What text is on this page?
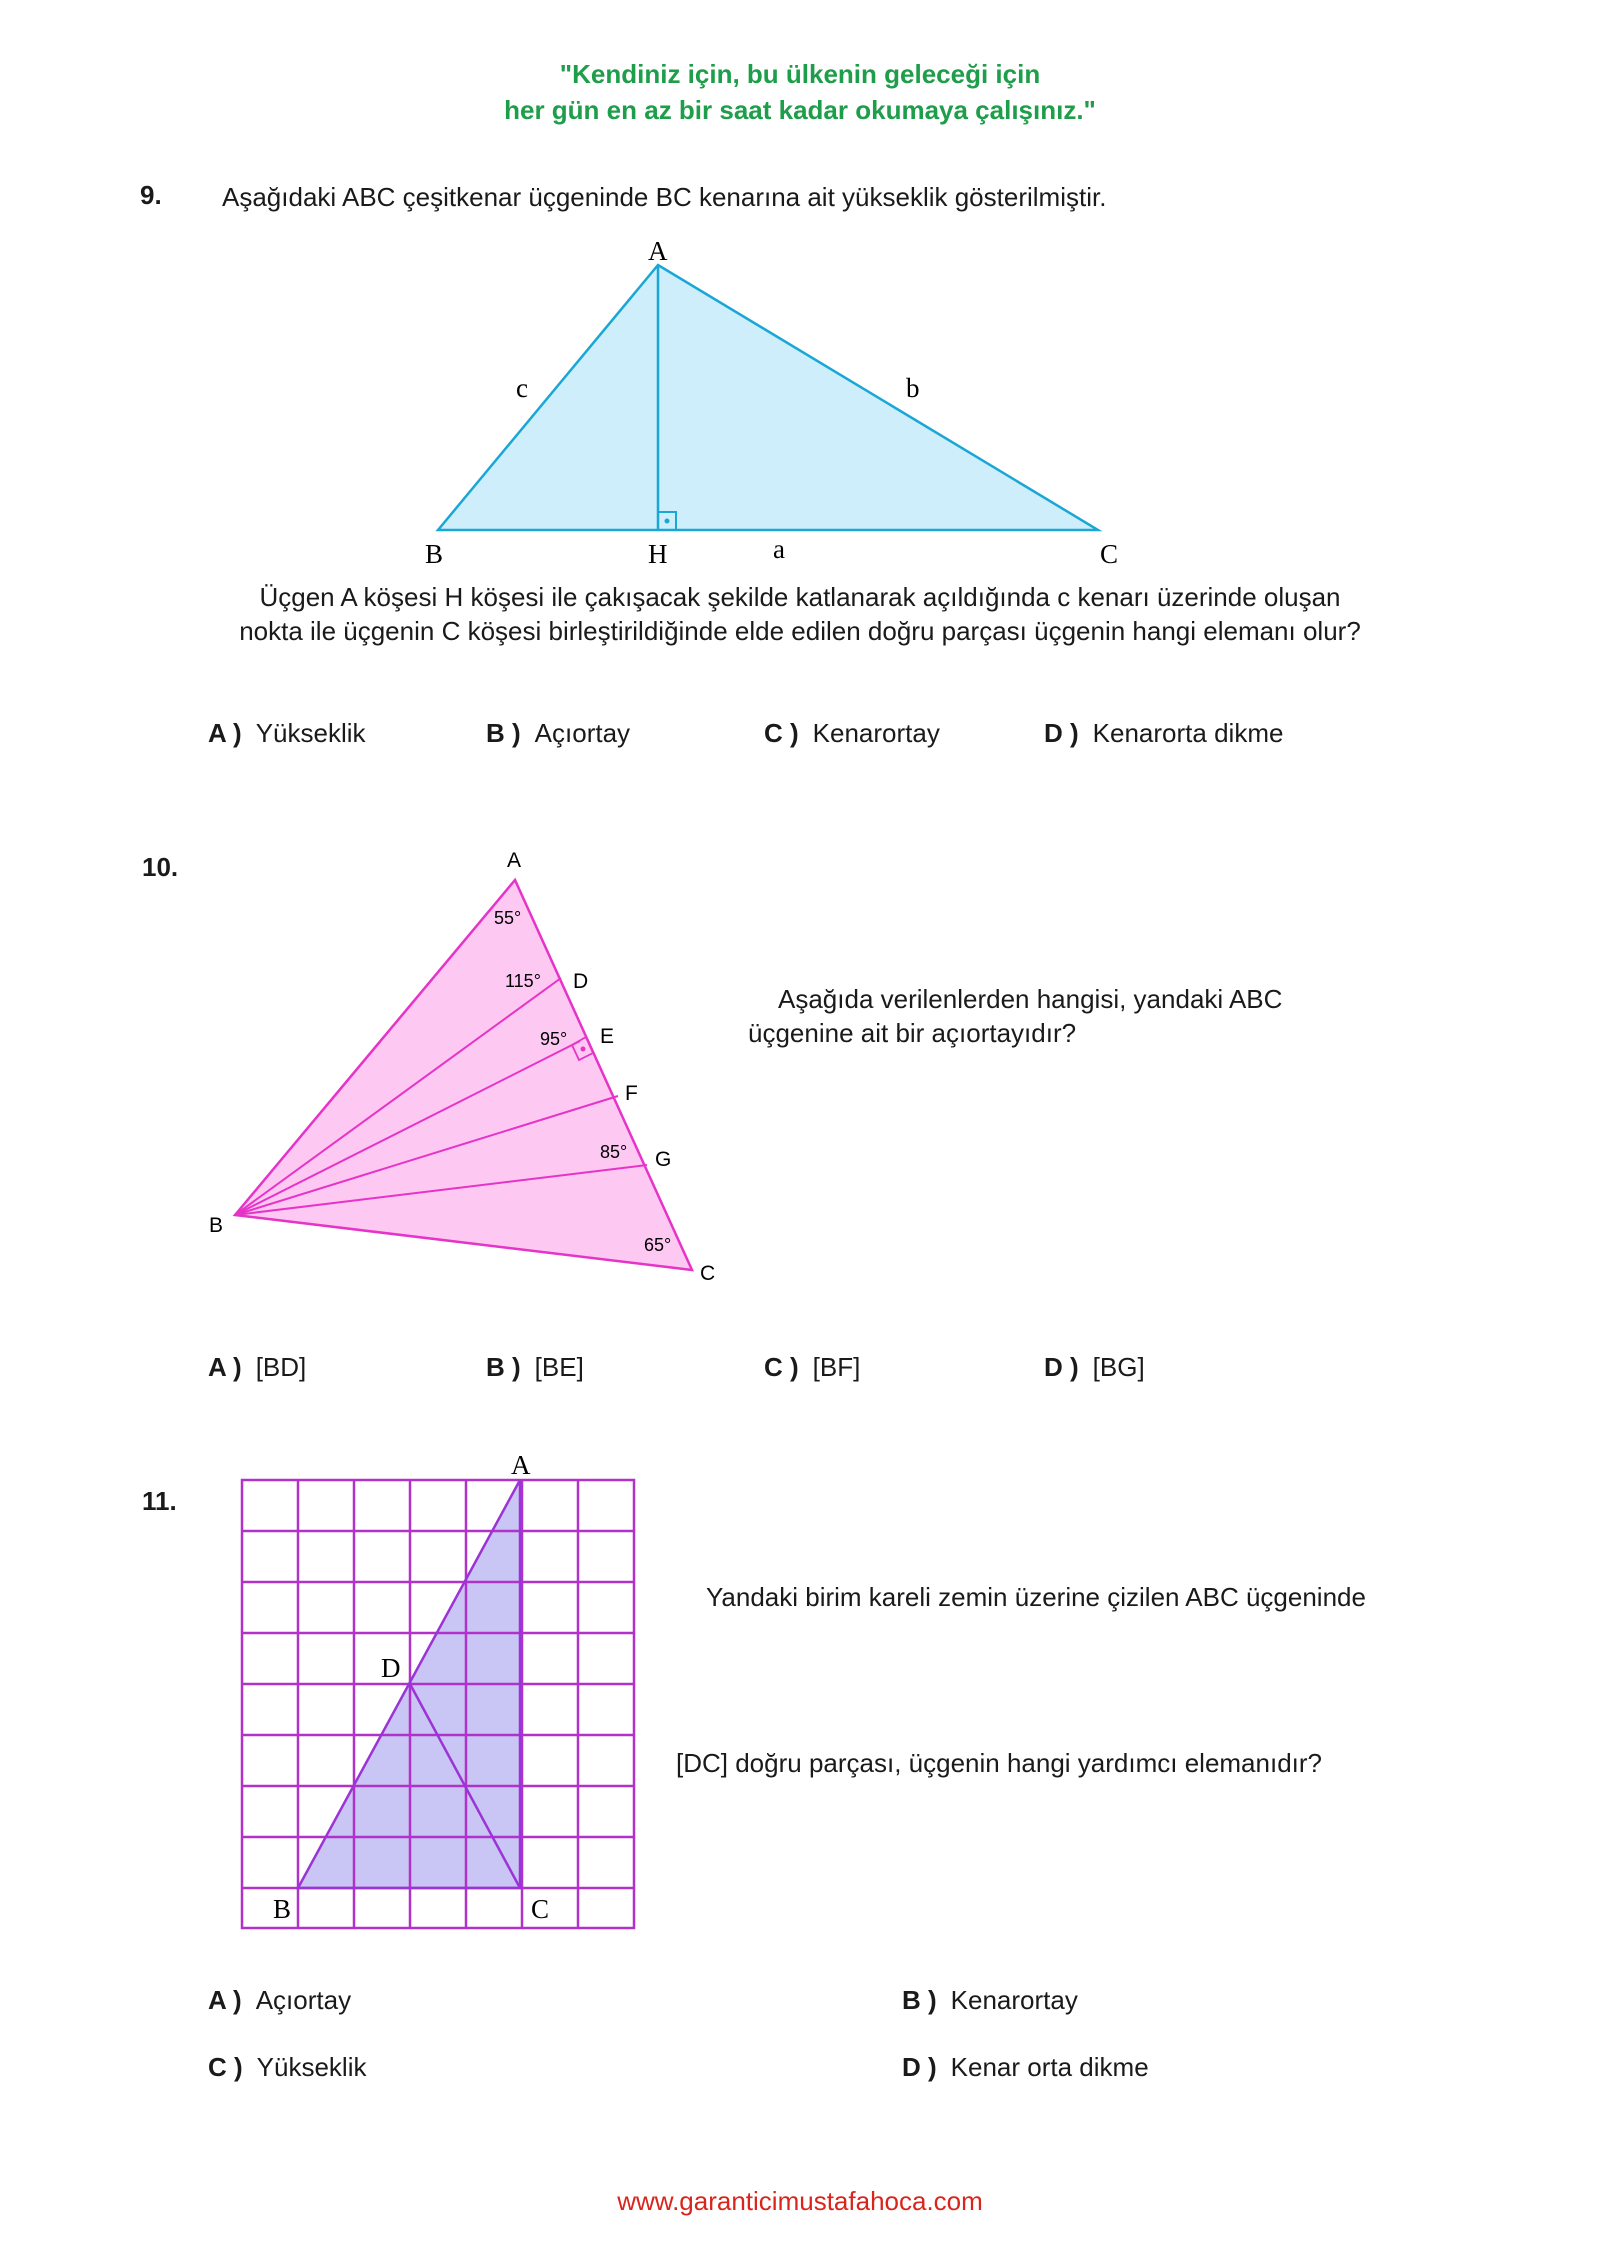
"Kendiniz için, bu ülkenin geleceği için
her gün en az bir saat kadar okumaya çalışınız."
9. Aşağıdaki ABC çeşitkenar üçgeninde BC kenarına ait yükseklik gösterilmiştir.
A
B	C
H	a
b
c
Üçgen A köşesi H köşesi ile çakışacak şekilde katlanarak açıldığında c kenarı üzerinde oluşan
nokta ile üçgenin C köşesi birleştirildiğinde elde edilen doğru parçası üçgenin hangi elemanı olur?
A ) Yükseklik	B ) Açıortay	C ) Kenarortay	D ) Kenarorta dikme
10.	A
B
C
D
E
F
G
55°
115°
95°
85°
65°
Aşağıda verilenlerden hangisi, yandaki ABC
üçgenine ait bir açıortayıdır?
A ) [BD]	B ) [BE]	C ) [BF]	D ) [BG]
11.
A
B	C
D
Yandaki birim kareli zemin üzerine çizilen ABC üçgeninde
[DC] doğru parçası, üçgenin hangi yardımcı elemanıdır?
A ) Açıortay	B ) Kenarortay
C ) Yükseklik	D ) Kenar orta dikme
www.garanticimustafahoca.com
